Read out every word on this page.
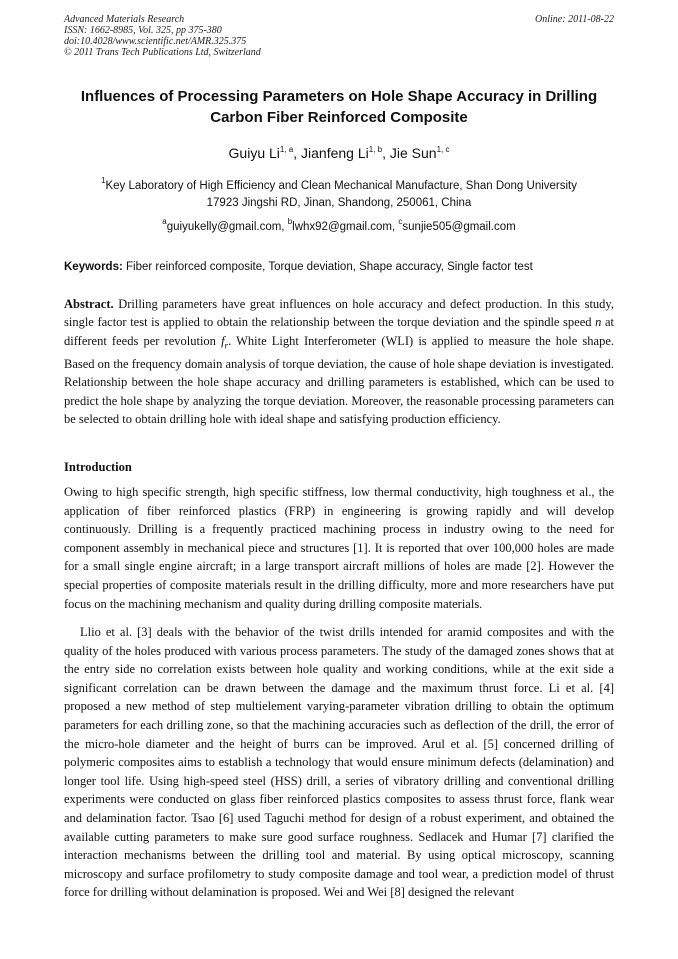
Advanced Materials Research
ISSN: 1662-8985, Vol. 325, pp 375-380
doi:10.4028/www.scientific.net/AMR.325.375
© 2011 Trans Tech Publications Ltd, Switzerland
Online: 2011-08-22
Influences of Processing Parameters on Hole Shape Accuracy in Drilling
Carbon Fiber Reinforced Composite
Guiyu Li$^{1, a}$, Jianfeng Li$^{1, b}$, Jie Sun$^{1, c}$
$^1$Key Laboratory of High Efficiency and Clean Mechanical Manufacture, Shan Dong University
17923 Jingshi RD, Jinan, Shandong, 250061, China
$^a$guiyukelly@gmail.com, $^b$lwhx92@gmail.com, $^c$sunjie505@gmail.com
Keywords: Fiber reinforced composite, Torque deviation, Shape accuracy, Single factor test

Abstract. Drilling parameters have great influences on hole accuracy and defect production. In this study, single factor test is applied to obtain the relationship between the torque deviation and the spindle speed n at different feeds per revolution $f_r$. White Light Interferometer (WLI) is applied to measure the hole shape. Based on the frequency domain analysis of torque deviation, the cause of hole shape deviation is investigated. Relationship between the hole shape accuracy and drilling parameters is established, which can be used to predict the hole shape by analyzing the torque deviation. Moreover, the reasonable processing parameters can be selected to obtain drilling hole with ideal shape and satisfying production efficiency.

Introduction

Owing to high specific strength, high specific stiffness, low thermal conductivity, high toughness et al., the application of fiber reinforced plastics (FRP) in engineering is growing rapidly and will develop continuously. Drilling is a frequently practiced machining process in industry owing to the need for component assembly in mechanical piece and structures [1]. It is reported that over 100,000 holes are made for a small single engine aircraft; in a large transport aircraft millions of holes are made [2]. However the special properties of composite materials result in the drilling difficulty, more and more researchers have put focus on the machining mechanism and quality during drilling composite materials.

Llio et al. [3] deals with the behavior of the twist drills intended for aramid composites and with the quality of the holes produced with various process parameters. The study of the damaged zones shows that at the entry side no correlation exists between hole quality and working conditions, while at the exit side a significant correlation can be drawn between the damage and the maximum thrust force. Li et al. [4] proposed a new method of step multielement varying-parameter vibration drilling to obtain the optimum parameters for each drilling zone, so that the machining accuracies such as deflection of the drill, the error of the micro-hole diameter and the height of burrs can be improved. Arul et al. [5] concerned drilling of polymeric composites aims to establish a technology that would ensure minimum defects (delamination) and longer tool life. Using high-speed steel (HSS) drill, a series of vibratory drilling and conventional drilling experiments were conducted on glass fiber reinforced plastics composites to assess thrust force, flank wear and delamination factor. Tsao [6] used Taguchi method for design of a robust experiment, and obtained the available cutting parameters to make sure good surface roughness. Sedlacek and Humar [7] clarified the interaction mechanisms between the drilling tool and material. By using optical microscopy, scanning microscopy and surface profilometry to study composite damage and tool wear, a prediction model of thrust force for drilling without delamination is proposed. Wei and Wei [8] designed the relevant
